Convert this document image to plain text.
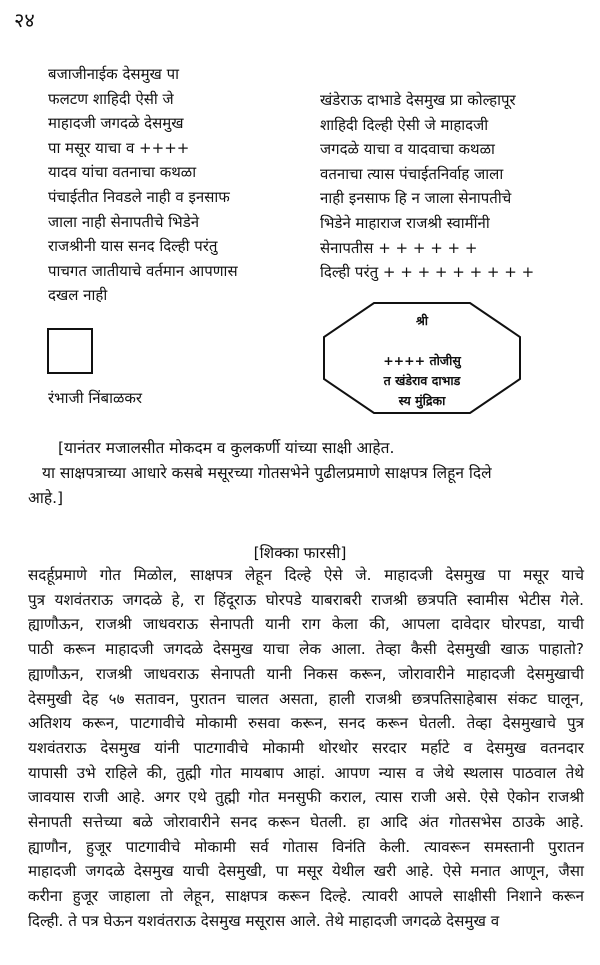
२४
बजाजीनाईक देसमुख पा
फलटण शाहिदी ऐसी जे
माहादजी जगदळे देसमुख
पा मसूर याचा व ++++
यादव यांचा वतनाचा कथळा
पंचाईतीत निवडले नाही व इनसाफ
जाला नाही सेनापतीचे भिडेने
राजश्रीनी यास सनद दिल्ही परंतु
पाचगत जातीयाचे वर्तमान आपणास
दखल नाही
खंडेराऊ दाभाडे देसमुख प्रा कोल्हापूर
शाहिदी दिल्ही ऐसी जे माहादजी
जगदळे याचा व यादवाचा कथळा
वतनाचा त्यास पंचाईतनिर्वाह जाला
नाही इनसाफ हि न जाला सेनापतीचे
भिडेने माहाराज राजश्री स्वामींनी
सेनापतीस + + + + + +
दिल्ही परंतु + + + + + + + + +
रंभाजी निंबाळकर
श्री
++++ तोजीसु
त खंडेराव दाभाड
स्य मुंद्रिका
[यानंतर मजालसीत मोकदम व कुलकर्णी यांच्या साक्षी आहेत.
या साक्षपत्राच्या आधारे कसबे मसूरच्या गोतसभेने पुढीलप्रमाणे साक्षपत्र लिहून दिले
आहे.]
[शिक्का फारसी]
सदर्हूप्रमाणे गोत मिळोल, साक्षपत्र लेहून दिल्हे ऐसे जे. माहादजी देसमुख पा मसूर याचे
पुत्र यशवंतराऊ जगदळे हे, रा हिंदूराऊ घोरपडे याबराबरी राजश्री छत्रपति स्वामीस भेटीस गेले.
ह्याणौऊन, राजश्री जाधवराऊ सेनापती यानी राग केला की, आपला दावेदार घोरपडा, याची
पाठी करून माहादजी जगदळे देसमुख याचा लेक आला. तेव्हा कैसी देसमुखी खाऊ पाहातो?
ह्याणौऊन, राजश्री जाधवराऊ सेनापती यानी निकस करून, जोरावारीने माहादजी देसमुखाची
देसमुखी देह ५७ सतावन, पुरातन चालत असता, हाली राजश्री छत्रपतिसाहेबास संकट घालून,
अतिशय करून, पाटगावीचे मोकामी रुसवा करून, सनद करून घेतली. तेव्हा देसमुखाचे पुत्र
यशवंतराऊ देसमुख यांनी पाटगावीचे मोकामी थोरथोर सरदार मर्हाटे व देसमुख वतनदार
यापासी उभे राहिले की, तुह्मी गोत मायबाप आहां. आपण न्यास व जेथे स्थलास पाठवाल तेथे
जावयास राजी आहे. अगर एथे तुह्मी गोत मनसुफी कराल, त्यास राजी असे. ऐसे ऐकोन राजश्री
सेनापती सत्तेच्या बळे जोरावारीने सनद करून घेतली. हा आदि अंत गोतसभेस ठाउके आहे.
ह्याणौन, हुजूर पाटगावीचे मोकामी सर्व गोतास विनंति केली. त्यावरून समस्तानी पुरातन
माहादजी जगदळे देसमुख याची देसमुखी, पा मसूर येथील खरी आहे. ऐसे मनात आणून, जैसा
करीना हुजूर जाहाला तो लेहून, साक्षपत्र करून दिल्हे. त्यावरी आपले साक्षीसी निशाने करून
दिल्ही. ते पत्र घेऊन यशवंतराऊ देसमुख मसूरास आले. तेथे माहादजी जगदळे देसमुख व
